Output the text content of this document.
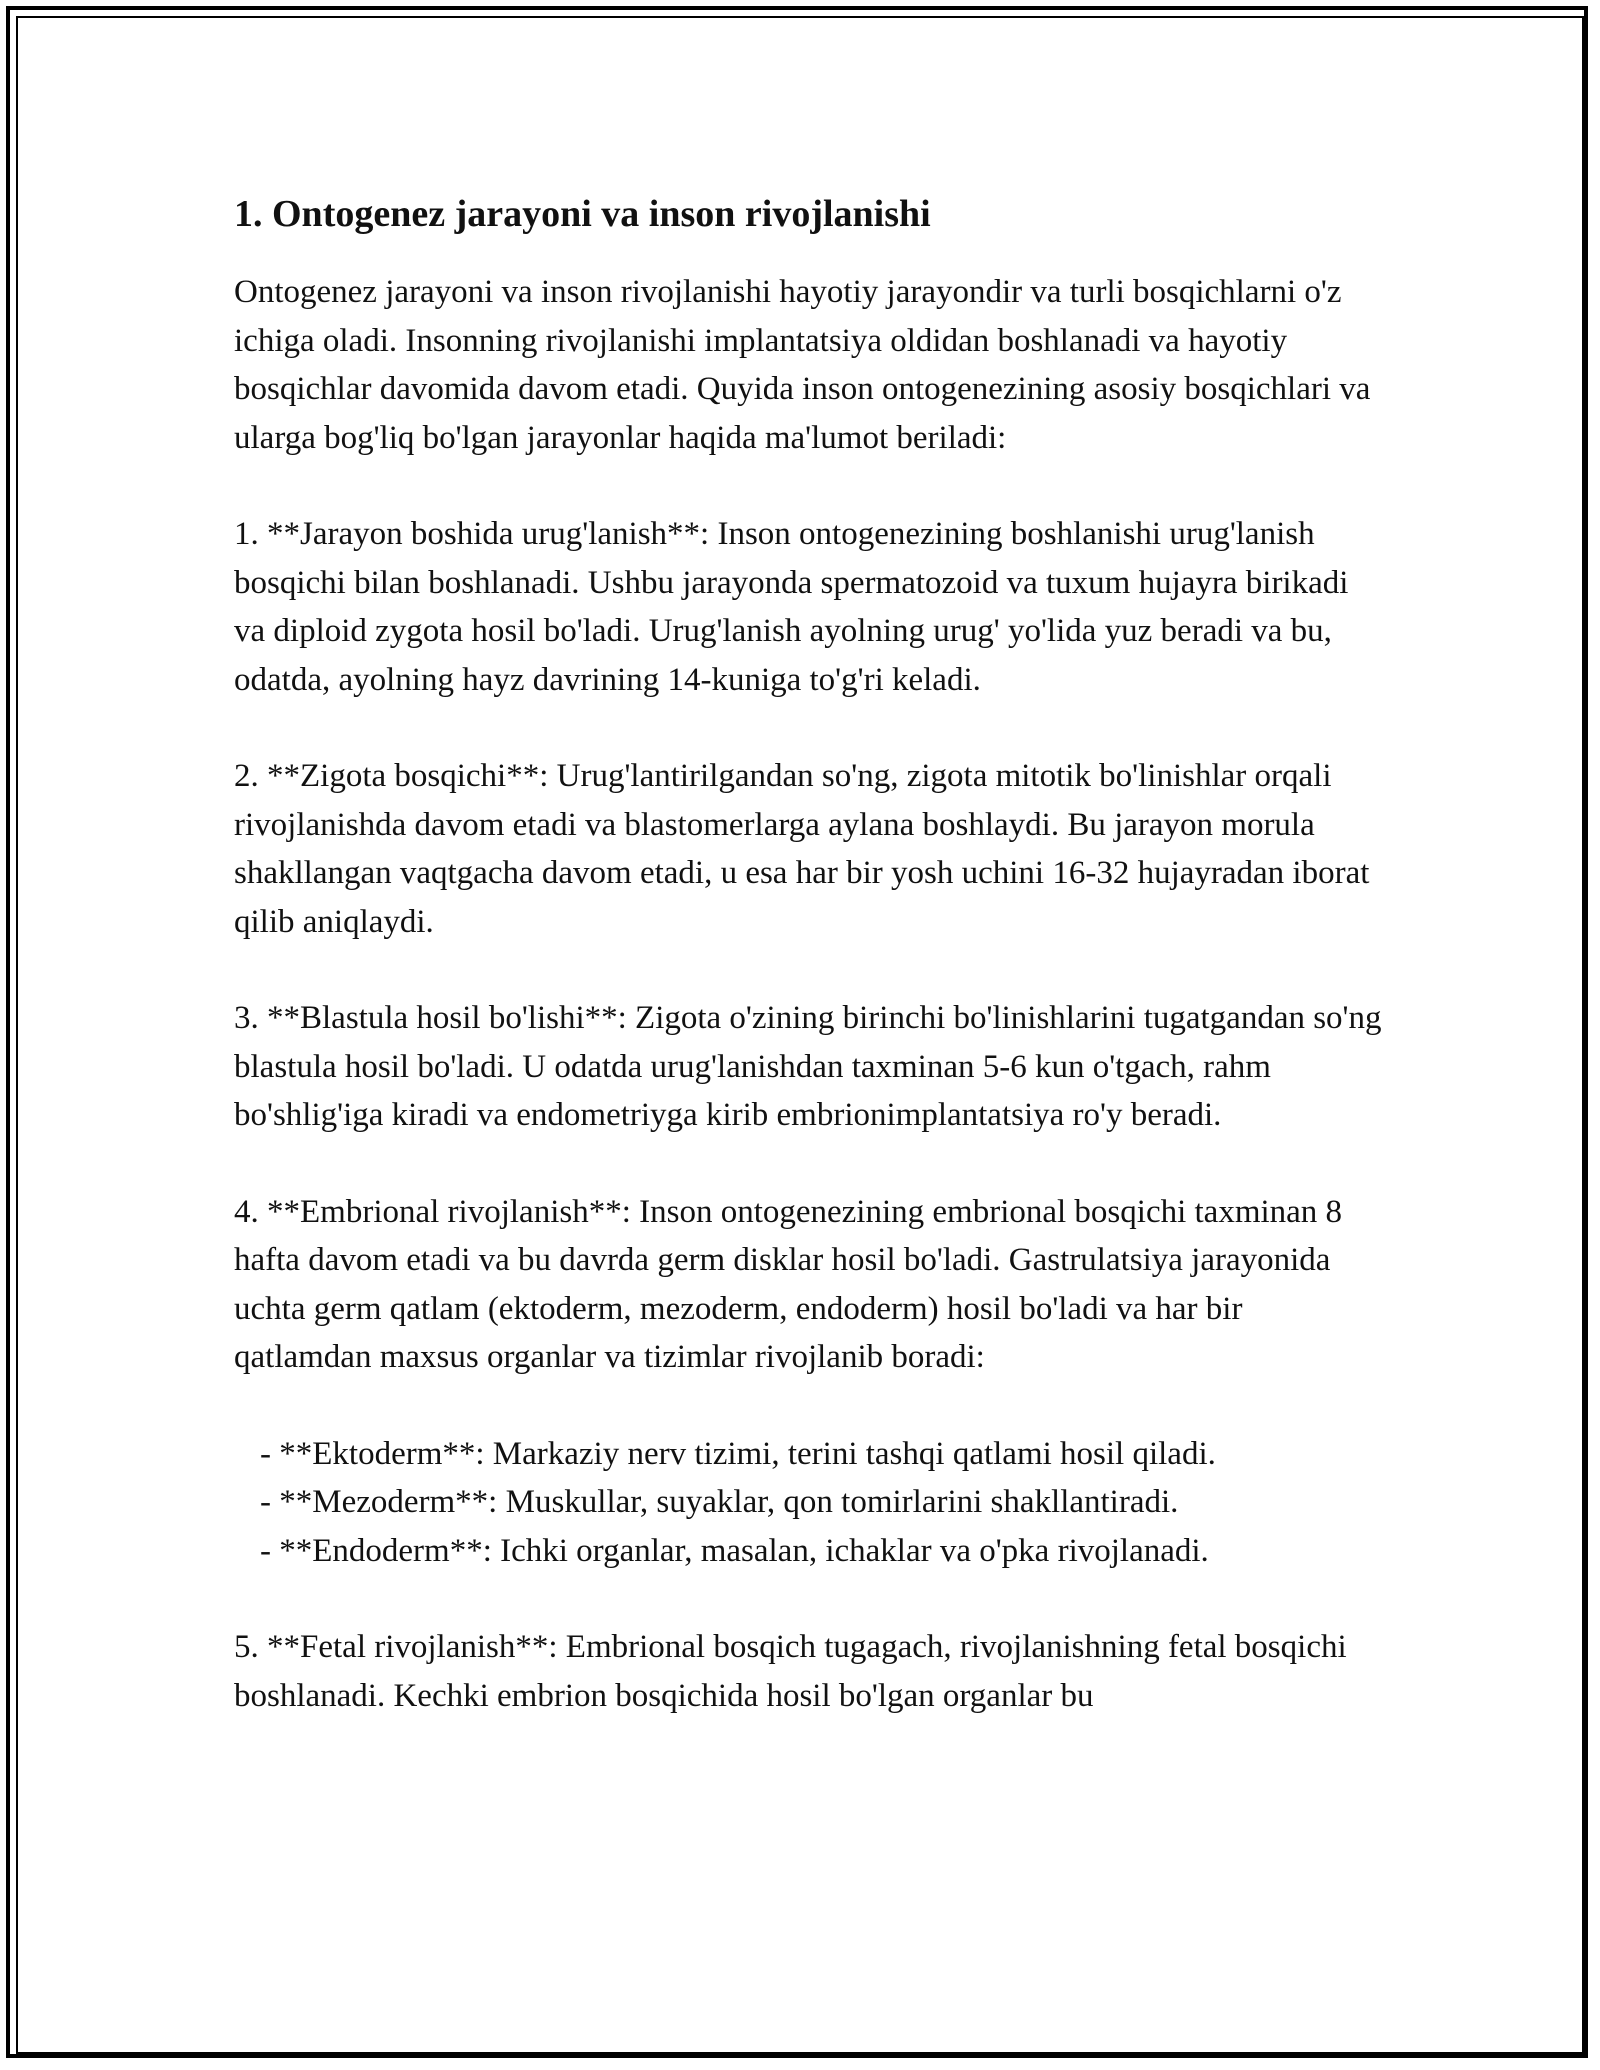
1. Ontogenez jarayoni va inson rivojlanishi

Ontogenez jarayoni va inson rivojlanishi hayotiy jarayondir va turli bosqichlarni o'z ichiga oladi. Insonning rivojlanishi implantatsiya oldidan boshlanadi va hayotiy bosqichlar davomida davom etadi. Quyida inson ontogenezining asosiy bosqichlari va ularga bog'liq bo'lgan jarayonlar haqida ma'lumot beriladi:

1. **Jarayon boshida urug'lanish**: Inson ontogenezining boshlanishi urug'lanish bosqichi bilan boshlanadi. Ushbu jarayonda spermatozoid va tuxum hujayra birikadi va diploid zygota hosil bo'ladi. Urug'lanish ayolning urug' yo'lida yuz beradi va bu, odatda, ayolning hayz davrining 14-kuniga to'g'ri keladi.

2. **Zigota bosqichi**: Urug'lantirilgandan so'ng, zigota mitotik bo'linishlar orqali rivojlanishda davom etadi va blastomerlarga aylana boshlaydi. Bu jarayon morula shakllangan vaqtgacha davom etadi, u esa har bir yosh uchini 16-32 hujayradan iborat qilib aniqlaydi.

3. **Blastula hosil bo'lishi**: Zigota o'zining birinchi bo'linishlarini tugatgandan so'ng blastula hosil bo'ladi. U odatda urug'lanishdan taxminan 5-6 kun o'tgach, rahm bo'shlig'iga kiradi va endometriyga kirib embrionimplantatsiya ro'y beradi.

4. **Embrional rivojlanish**: Inson ontogenezining embrional bosqichi taxminan 8 hafta davom etadi va bu davrda germ disklar hosil bo'ladi. Gastrulatsiya jarayonida uchta germ qatlam (ektoderm, mezoderm, endoderm) hosil bo'ladi va har bir qatlamdan maxsus organlar va tizimlar rivojlanib boradi:

- **Ektoderm**: Markaziy nerv tizimi, terini tashqi qatlami hosil qiladi.
- **Mezoderm**: Muskullar, suyaklar, qon tomirlarini shakllantiradi.
- **Endoderm**: Ichki organlar, masalan, ichaklar va o'pka rivojlanadi.

5. **Fetal rivojlanish**: Embrional bosqich tugagach, rivojlanishning fetal bosqichi boshlanadi. Kechki embrion bosqichida hosil bo'lgan organlar bu
